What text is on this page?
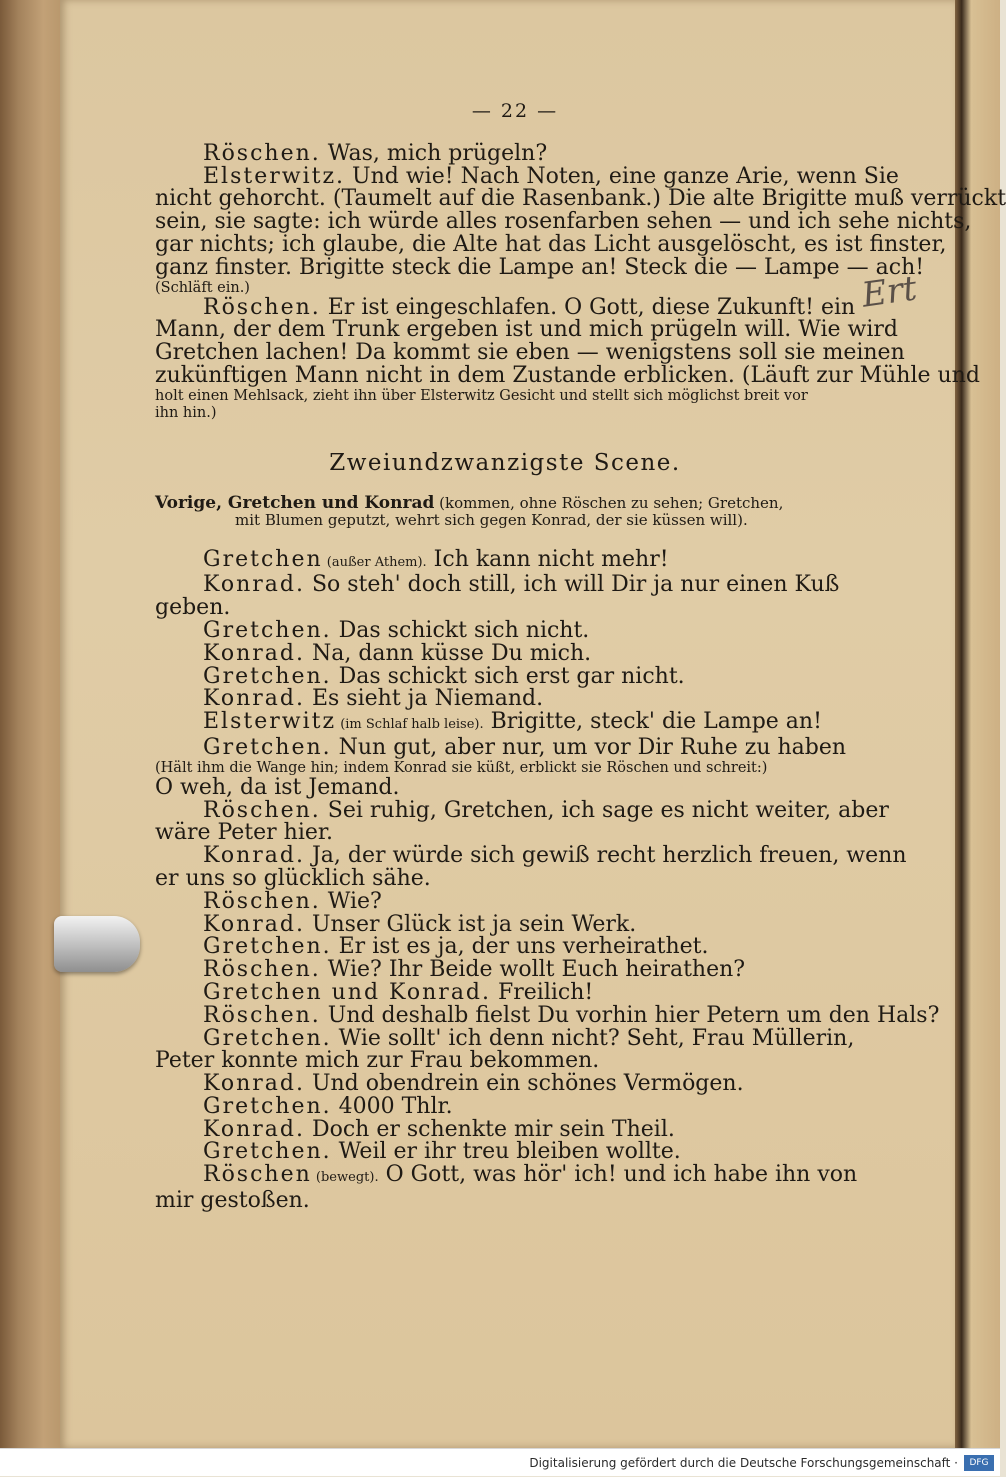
Ert
— 22 —
Röschen. Was, mich prügeln?
Elsterwitz. Und wie! Nach Noten, eine ganze Arie, wenn Sie
nicht gehorcht. (Taumelt auf die Rasenbank.) Die alte Brigitte muß verrückt
sein, sie sagte: ich würde alles rosenfarben sehen — und ich sehe nichts,
gar nichts; ich glaube, die Alte hat das Licht ausgelöscht, es ist finster,
ganz finster. Brigitte steck die Lampe an! Steck die — Lampe — ach!
(Schläft ein.)
Röschen. Er ist eingeschlafen. O Gott, diese Zukunft! ein
Mann, der dem Trunk ergeben ist und mich prügeln will. Wie wird
Gretchen lachen! Da kommt sie eben — wenigstens soll sie meinen
zukünftigen Mann nicht in dem Zustande erblicken. (Läuft zur Mühle und
holt einen Mehlsack, zieht ihn über Elsterwitz Gesicht und stellt sich möglichst breit vor
ihn hin.)
Zweiundzwanzigste Scene.
Vorige, Gretchen und Konrad (kommen, ohne Röschen zu sehen; Gretchen,
mit Blumen geputzt, wehrt sich gegen Konrad, der sie küssen will).
Gretchen (außer Athem). Ich kann nicht mehr!
Konrad. So steh' doch still, ich will Dir ja nur einen Kuß
geben.
Gretchen. Das schickt sich nicht.
Konrad. Na, dann küsse Du mich.
Gretchen. Das schickt sich erst gar nicht.
Konrad. Es sieht ja Niemand.
Elsterwitz (im Schlaf halb leise). Brigitte, steck' die Lampe an!
Gretchen. Nun gut, aber nur, um vor Dir Ruhe zu haben
(Hält ihm die Wange hin; indem Konrad sie küßt, erblickt sie Röschen und schreit:)
O weh, da ist Jemand.
Röschen. Sei ruhig, Gretchen, ich sage es nicht weiter, aber
wäre Peter hier.
Konrad. Ja, der würde sich gewiß recht herzlich freuen, wenn
er uns so glücklich sähe.
Röschen. Wie?
Konrad. Unser Glück ist ja sein Werk.
Gretchen. Er ist es ja, der uns verheirathet.
Röschen. Wie? Ihr Beide wollt Euch heirathen?
Gretchen und Konrad. Freilich!
Röschen. Und deshalb fielst Du vorhin hier Petern um den Hals?
Gretchen. Wie sollt' ich denn nicht? Seht, Frau Müllerin,
Peter konnte mich zur Frau bekommen.
Konrad. Und obendrein ein schönes Vermögen.
Gretchen. 4000 Thlr.
Konrad. Doch er schenkte mir sein Theil.
Gretchen. Weil er ihr treu bleiben wollte.
Röschen (bewegt). O Gott, was hör' ich! und ich habe ihn von
mir gestoßen.
Digitalisierung gefördert durch die Deutsche Forschungsgemeinschaft ·	DFG
